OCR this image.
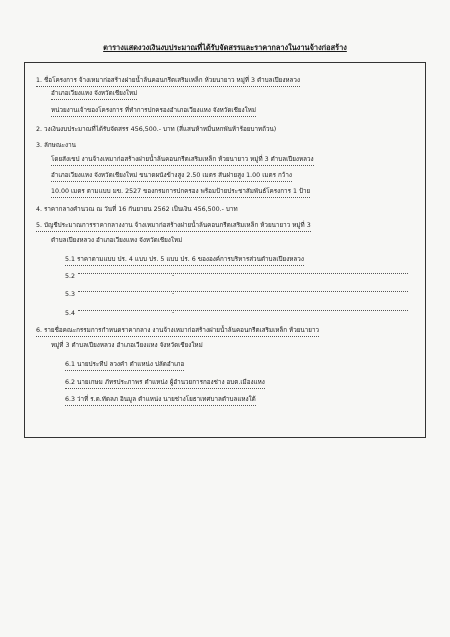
ตารางแสดงวงเงินงบประมาณที่ได้รับจัดสรรและราคากลางในงานจ้างก่อสร้าง
1. ชื่อโครงการ จ้างเหมาก่อสร้างฝายน้ำล้นคอนกรีตเสริมเหล็ก ห้วยนายาว หมู่ที่ 3 ตำบลเปียงหลวง
อำเภอเวียงแหง จังหวัดเชียงใหม่
หน่วยงานเจ้าของโครงการ ที่ทำการปกครองอำเภอเวียงแหง จังหวัดเชียงใหม่
2. วงเงินงบประมาณที่ได้รับจัดสรร 456,500.- บาท (สี่แสนห้าหมื่นหกพันห้าร้อยบาทถ้วน)
3. ลักษณะงาน
โดยสังเขป งานจ้างเหมาก่อสร้างฝายน้ำล้นคอนกรีตเสริมเหล็ก ห้วยนายาว หมู่ที่ 3 ตำบลเปียงหลวง
อำเภอเวียงแหง จังหวัดเชียงใหม่ ขนาดผนังข้างสูง 2.50 เมตร สันฝายสูง 1.00 เมตร กว้าง
10.00 เมตร ตามแบบ มข. 2527 ของกรมการปกครอง พร้อมป้ายประชาสัมพันธ์โครงการ 1 ป้าย
4. ราคากลางคำนวณ ณ วันที่ 16 กันยายน 2562 เป็นเงิน 456,500.- บาท
5. บัญชีประมาณการราคากลางงาน จ้างเหมาก่อสร้างฝายน้ำล้นคอนกรีตเสริมเหล็ก ห้วยนายาว หมู่ที่ 3
ตำบลเปียงหลวง อำเภอเวียงแหง จังหวัดเชียงใหม่
5.1 ราคาตามแบบ ปร. 4 แบบ ปร. 5 แบบ ปร. 6 ขององค์การบริหารส่วนตำบลเปียงหลวง
5.2	-
5.3	-
5.4	-
6. รายชื่อคณะกรรมการกำหนดราคากลาง งานจ้างเหมาก่อสร้างฝายน้ำล้นคอนกรีตเสริมเหล็ก ห้วยนายาว
หมู่ที่ 3 ตำบลเปียงหลวง อำเภอเวียงแหง จังหวัดเชียงใหม่
6.1 นายประทีป ลวงคำ ตำแหน่ง ปลัดอำเภอ
6.2 นายเกษม ภัทรประภาพร ตำแหน่ง ผู้อำนวยการกองช่าง อบต.เมืองแหง
6.3 ว่าที่ ร.ต.ทัดลภ อินมูล ตำแหน่ง นายช่างโยธาเทศบาลตำบลแหงใต้
